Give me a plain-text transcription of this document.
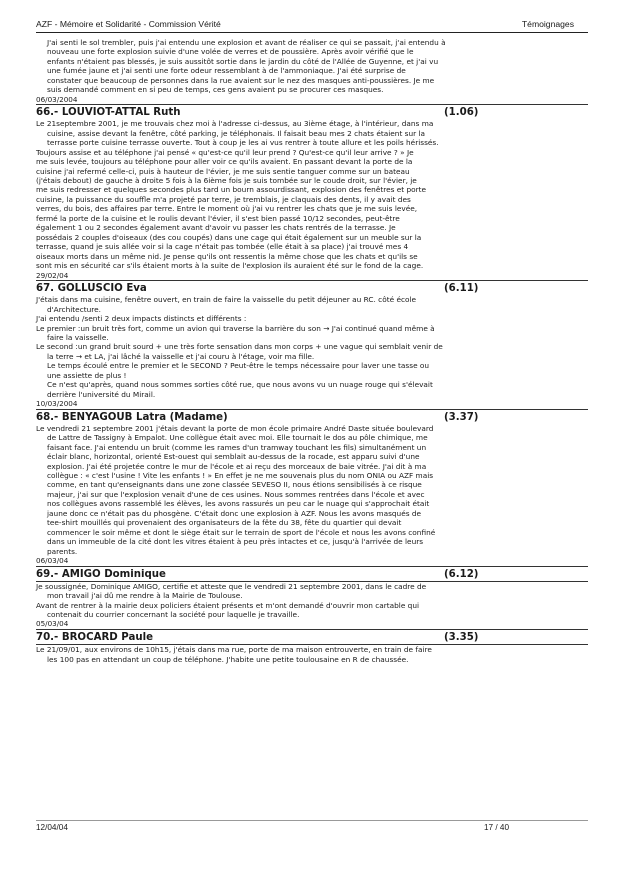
AZF - Mémoire et Solidarité - Commission Vérité	Témoignages
J'ai senti le sol trembler, puis j'ai entendu une explosion et avant de réaliser ce qui se passait, j'ai entendu à
nouveau une forte explosion suivie d'une volée de verres et de poussière. Après avoir vérifié que le
enfants n'étaient pas blessés, je suis aussitôt sortie dans le jardin du côté de l'Allée de Guyenne, et j'ai vu
une fumée jaune et j'ai senti une forte odeur ressemblant à de l'ammoniaque. J'ai été surprise de
constater que beaucoup de personnes dans la rue avaient sur le nez des masques anti-poussières. Je me
suis demandé comment en si peu de temps, ces gens avaient pu se procurer ces masques.
06/03/2004
66.- LOUVIOT-ATTAL Ruth	(1.06)
Le 21septembre 2001, je me trouvais chez moi à l'adresse ci-dessus, au 3ième étage, à l'intérieur, dans ma
cuisine, assise devant la fenêtre, côté parking, je téléphonais. Il faisait beau mes 2 chats étaient sur la
terrasse porte cuisine terrasse ouverte. Tout à coup je les ai vus rentrer à toute allure et les poils hérissés.
Toujours assise et au téléphone j'ai pensé « qu'est-ce qu'il leur prend ? Qu'est-ce qu'il leur arrive ? » Je
me suis levée, toujours au téléphone pour aller voir ce qu'ils avaient. En passant devant la porte de la
cuisine j'ai refermé celle-ci, puis à hauteur de l'évier, je me suis sentie tanguer comme sur un bateau
(j'étais debout) de gauche à droite 5 fois à la 6ième fois je suis tombée sur le coude droit, sur l'évier, je
me suis redresser et quelques secondes plus tard un bourn assourdissant, explosion des fenêtres et porte
cuisine, la puissance du souffle m'a projeté par terre, je tremblais, je claquais des dents, il y avait des
verres, du bois, des affaires par terre. Entre le moment où j'ai vu rentrer les chats que je me suis levée,
fermé la porte de la cuisine et le roulis devant l'évier, il s'est bien passé 10/12 secondes, peut-être
également 1 ou 2 secondes également avant d'avoir vu passer les chats rentrés de la terrasse. Je
possédais 2 couples d'oiseaux (des cou coupés) dans une cage qui était également sur un meuble sur la
terrasse, quand je suis allée voir si la cage n'était pas tombée (elle était à sa place) j'ai trouvé mes 4
oiseaux morts dans un même nid. Je pense qu'ils ont ressentis la même chose que les chats et qu'ils se
sont mis en sécurité car s'ils étaient morts à la suite de l'explosion ils auraient été sur le fond de la cage.
29/02/04
67. GOLLUSCIO Eva	(6.11)
J'étais dans ma cuisine, fenêtre ouvert, en train de faire la vaisselle du petit déjeuner au RC. côté école
d'Architecture.
J'ai entendu /senti 2 deux impacts distincts et différents :
Le premier :un bruit très fort, comme un avion qui traverse la barrière du son → J'ai continué quand même à
faire la vaisselle.
Le second :un grand bruit sourd + une très forte sensation dans mon corps + une vague qui semblait venir de
la terre → et LA, j'ai lâché la vaisselle et j'ai couru à l'étage, voir ma fille.
Le temps écoulé entre le premier et le SECOND ? Peut-être le temps nécessaire pour laver une tasse ou
une assiette de plus !
Ce n'est qu'après, quand nous sommes sorties côté rue, que nous avons vu un nuage rouge qui s'élevait
derrière l'université du Mirail.
10/03/2004
68.- BENYAGOUB Latra (Madame)	(3.37)
Le vendredi 21 septembre 2001 j'étais devant la porte de mon école primaire André Daste située boulevard
de Lattre de Tassigny à Empalot. Une collègue était avec moi. Elle tournait le dos au pôle chimique, me
faisant face. J'ai entendu un bruit (comme les rames d'un tramway touchant les fils) simultanément un
éclair blanc, horizontal, orienté Est-ouest qui semblait au-dessus de la rocade, est apparu suivi d'une
explosion. J'ai été projetée contre le mur de l'école et ai reçu des morceaux de baie vitrée. J'ai dit à ma
collègue : « c'est l'usine ! Vite les enfants ! » En effet je ne me souvenais plus du nom ONIA ou AZF mais
comme, en tant qu'enseignants dans une zone classée SEVESO II, nous étions sensibilisés à ce risque
majeur, j'ai sur que l'explosion venait d'une de ces usines. Nous sommes rentrées dans l'école et avec
nos collègues avons rassemblé les élèves, les avons rassurés un peu car le nuage qui s'approchait était
jaune donc ce n'était pas du phosgène. C'était donc une explosion à AZF. Nous les avons masqués de
tee-shirt mouillés qui provenaient des organisateurs de la fête du 38, fête du quartier qui devait
commencer le soir même et dont le siège était sur le terrain de sport de l'école et nous les avons confiné
dans un immeuble de la cité dont les vitres étaient à peu près intactes et ce, jusqu'à l'arrivée de leurs
parents.
06/03/04
69.- AMIGO Dominique	(6.12)
Je soussignée, Dominique AMIGO, certifie et atteste que le vendredi 21 septembre 2001, dans le cadre de
mon travail j'ai dû me rendre à la Mairie de Toulouse.
Avant de rentrer à la mairie deux policiers étaient présents et m'ont demandé d'ouvrir mon cartable qui
contenait du courrier concernant la société pour laquelle je travaille.
05/03/04
70.- BROCARD Paule	(3.35)
Le 21/09/01, aux environs de 10h15, j'étais dans ma rue, porte de ma maison entrouverte, en train de faire
les 100 pas en attendant un coup de téléphone. J'habite une petite toulousaine en R de chaussée.
12/04/04	17 / 40
